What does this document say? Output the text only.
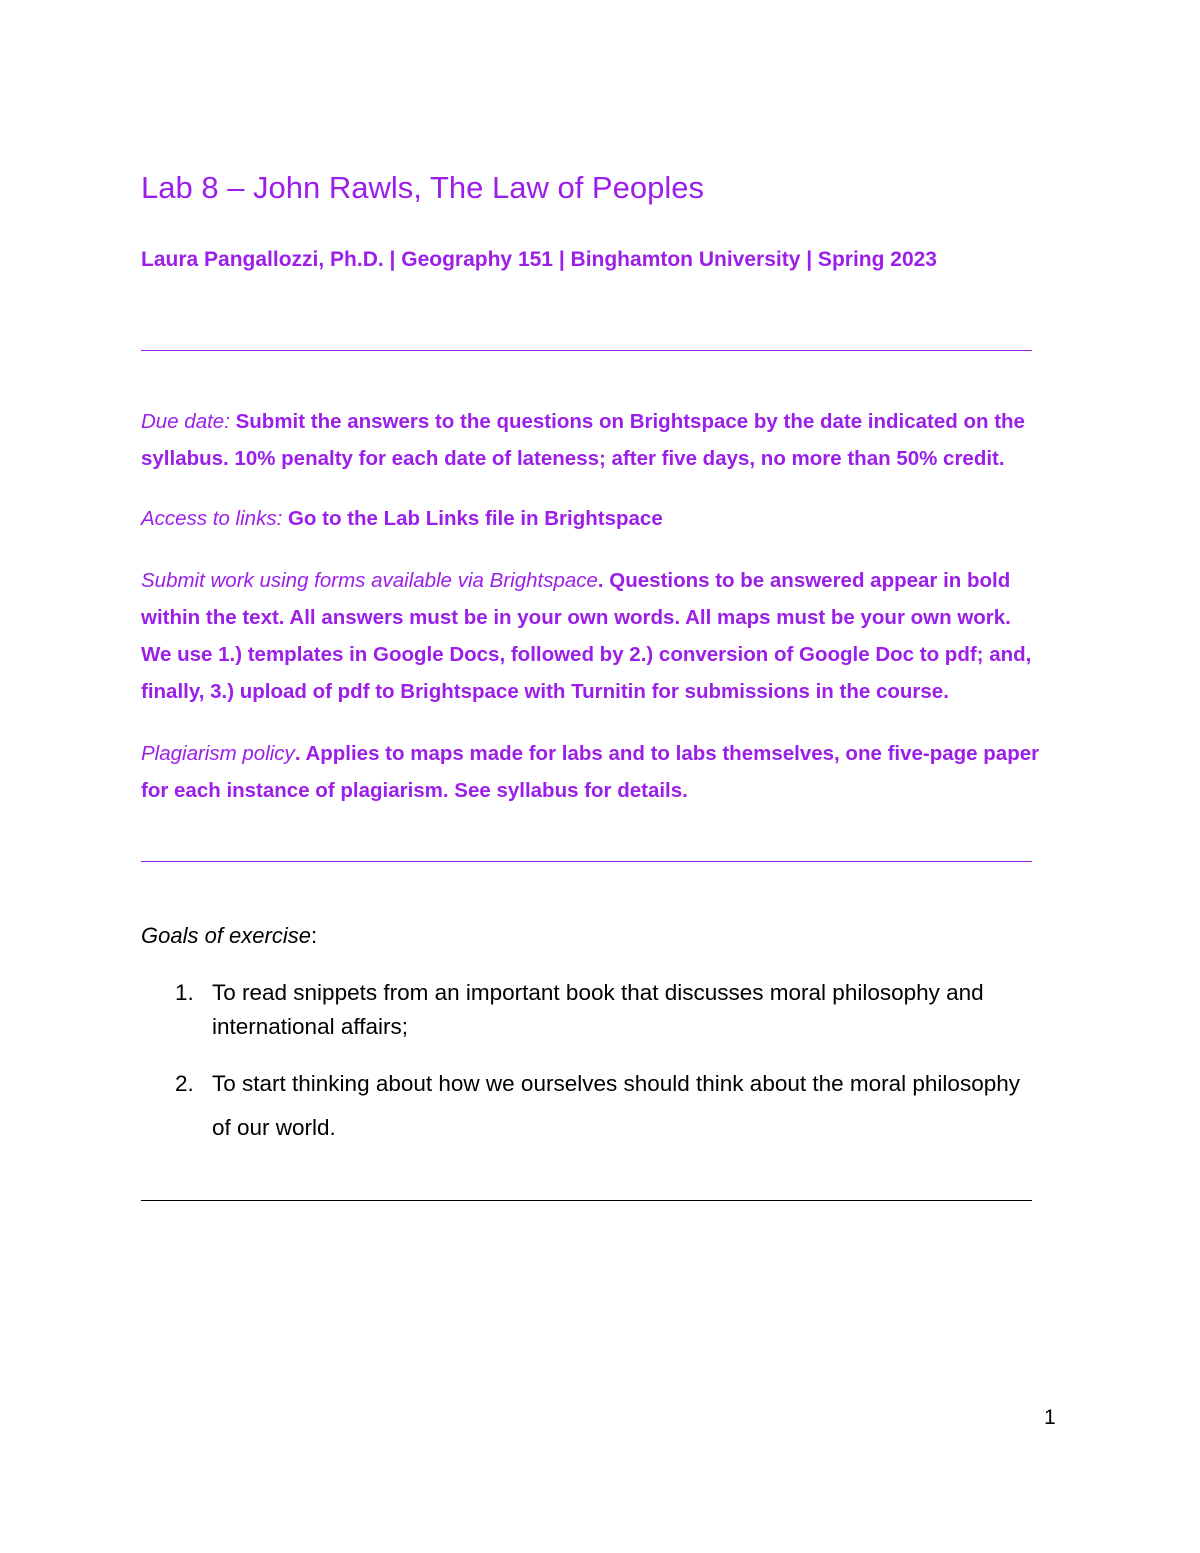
Lab 8 – John Rawls, The Law of Peoples

Laura Pangallozzi, Ph.D. | Geography 151 | Binghamton University | Spring 2023

Due date: Submit the answers to the questions on Brightspace by the date indicated on the syllabus. 10% penalty for each date of lateness; after five days, no more than 50% credit.

Access to links: Go to the Lab Links file in Brightspace

Submit work using forms available via Brightspace. Questions to be answered appear in bold within the text. All answers must be in your own words. All maps must be your own work. We use 1.) templates in Google Docs, followed by 2.) conversion of Google Doc to pdf; and, finally, 3.) upload of pdf to Brightspace with Turnitin for submissions in the course.

Plagiarism policy. Applies to maps made for labs and to labs themselves, one five-page paper for each instance of plagiarism. See syllabus for details.

Goals of exercise:

1. To read snippets from an important book that discusses moral philosophy and international affairs;
2. To start thinking about how we ourselves should think about the moral philosophy of our world.

1
